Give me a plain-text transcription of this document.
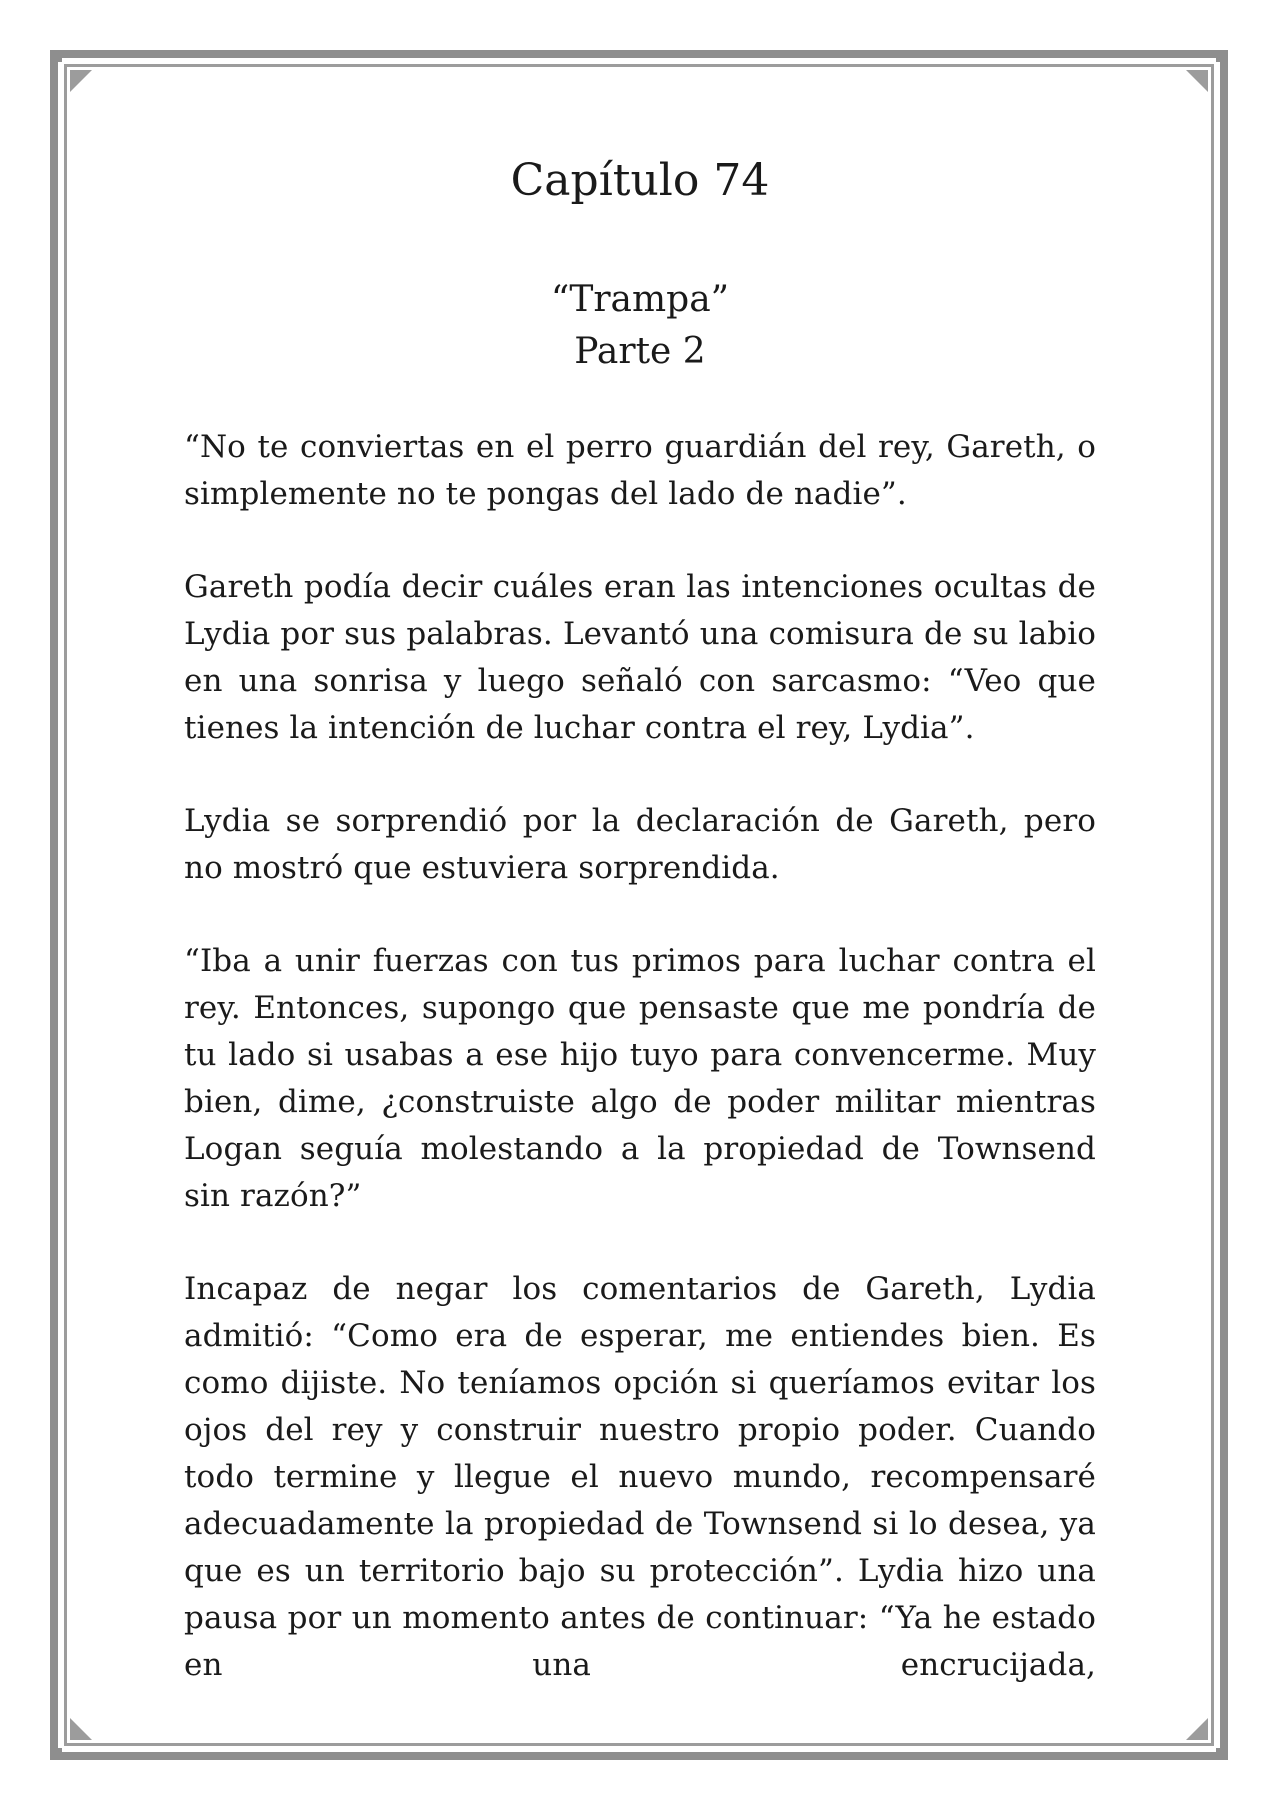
Capítulo 74
“Trampa”
Parte 2

“No te conviertas en el perro guardián del rey, Gareth, o simplemente no te pongas del lado de nadie”.

Gareth podía decir cuáles eran las intenciones ocultas de Lydia por sus palabras. Levantó una comisura de su labio en una sonrisa y luego señaló con sarcasmo: “Veo que tienes la intención de luchar contra el rey, Lydia”.

Lydia se sorprendió por la declaración de Gareth, pero no mostró que estuviera sorprendida.

“Iba a unir fuerzas con tus primos para luchar contra el rey. Entonces, supongo que pensaste que me pondría de tu lado si usabas a ese hijo tuyo para convencerme. Muy bien, dime, ¿construiste algo de poder militar mientras Logan seguía molestando a la propiedad de Townsend sin razón?”

Incapaz de negar los comentarios de Gareth, Lydia admitió: “Como era de esperar, me entiendes bien. Es como dijiste. No teníamos opción si queríamos evitar los ojos del rey y construir nuestro propio poder. Cuando todo termine y llegue el nuevo mundo, recompensaré adecuadamente la propiedad de Townsend si lo desea, ya que es un territorio bajo su protección”. Lydia hizo una pausa por un momento antes de continuar: “Ya he estado en una encrucijada,
